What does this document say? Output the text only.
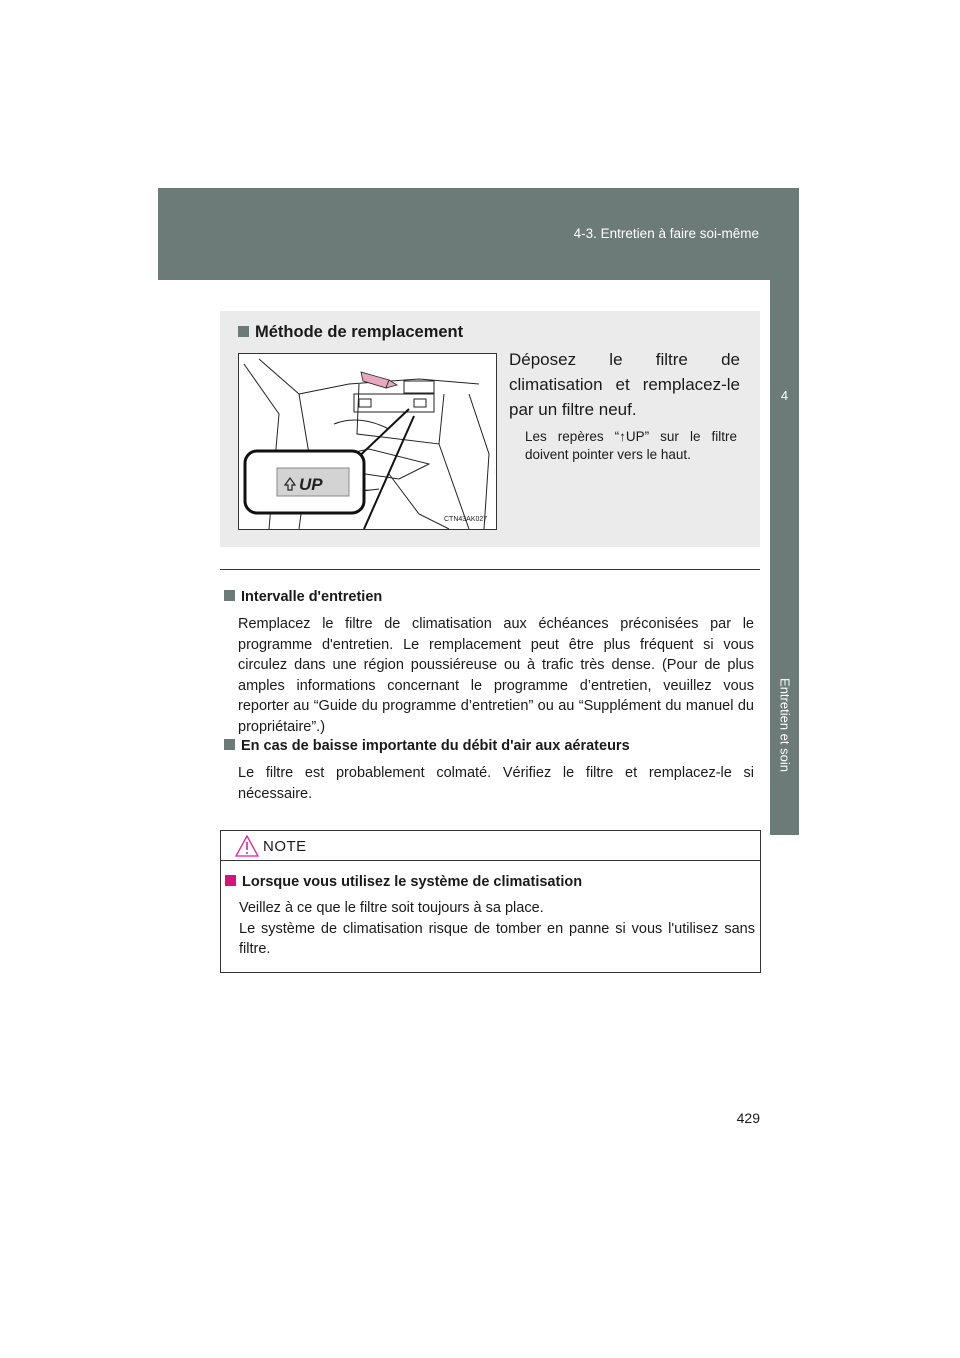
4-3. Entretien à faire soi-même
4
Entretien et soin
Méthode de remplacement
UP
CTN43AK027
Déposez le filtre de climatisation et remplacez-le par un filtre neuf.
Les repères “↑UP” sur le filtre doivent pointer vers le haut.
Intervalle d'entretien
Remplacez le filtre de climatisation aux échéances préconisées par le programme d'entretien. Le remplacement peut être plus fréquent si vous circulez dans une région poussiéreuse ou à trafic très dense. (Pour de plus amples informations concernant le programme d’entretien, veuillez vous reporter au “Guide du programme d’entretien” ou au “Supplément du manuel du propriétaire”.)
En cas de baisse importante du débit d'air aux aérateurs
Le filtre est probablement colmaté. Vérifiez le filtre et remplacez-le si nécessaire.
NOTE
Lorsque vous utilisez le système de climatisation

Veillez à ce que le filtre soit toujours à sa place.

Le système de climatisation risque de tomber en panne si vous l'utilisez sans filtre.

429
